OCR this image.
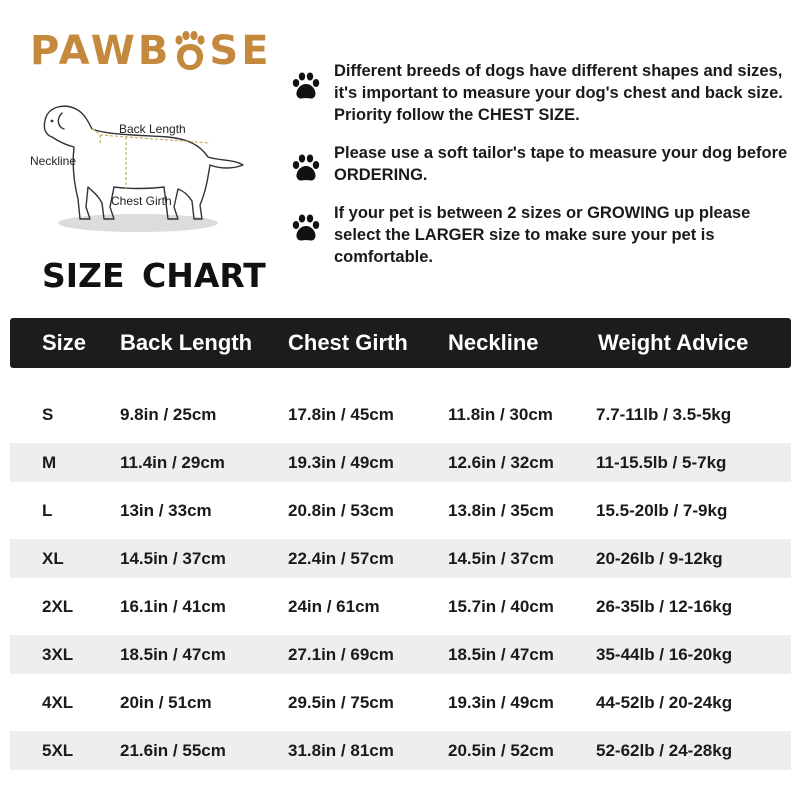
PAWB SE
Back Length
Neckline
Chest Girth
SIZE CHART

Different breeds of dogs have different shapes and sizes, it's important to measure your dog's chest and back size. Priority follow the CHEST SIZE.

Please use a soft tailor's tape to measure your dog before ORDERING.

If your pet is between 2 sizes or GROWING up please select the LARGER size to make sure your pet is comfortable.

Size	Back Length	Chest Girth	Neckline	Weight Advice
S	9.8in / 25cm	17.8in / 45cm	11.8in / 30cm	7.7-11lb / 3.5-5kg
M	11.4in / 29cm	19.3in / 49cm	12.6in / 32cm	11-15.5lb / 5-7kg
L	13in / 33cm	20.8in / 53cm	13.8in / 35cm	15.5-20lb / 7-9kg
XL	14.5in / 37cm	22.4in / 57cm	14.5in / 37cm	20-26lb / 9-12kg
2XL	16.1in / 41cm	24in / 61cm	15.7in / 40cm	26-35lb / 12-16kg
3XL	18.5in / 47cm	27.1in / 69cm	18.5in / 47cm	35-44lb / 16-20kg
4XL	20in / 51cm	29.5in / 75cm	19.3in / 49cm	44-52lb / 20-24kg
5XL	21.6in / 55cm	31.8in / 81cm	20.5in / 52cm	52-62lb / 24-28kg
